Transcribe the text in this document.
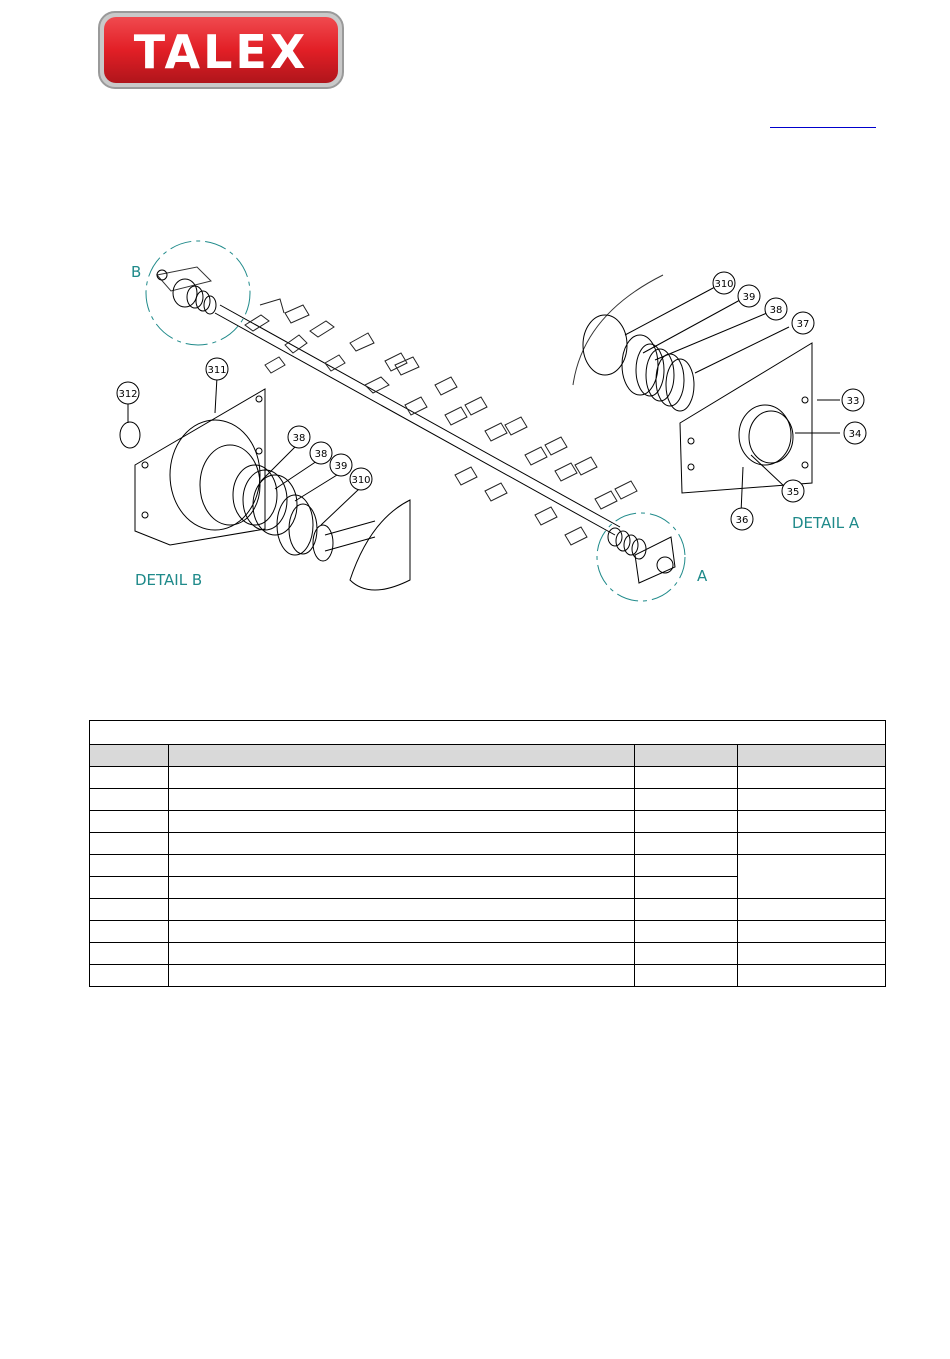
TALEX
310
39
38
37
33
34
35
36
311
312
38
38
39
310
B
A
DETAIL A
DETAIL B
